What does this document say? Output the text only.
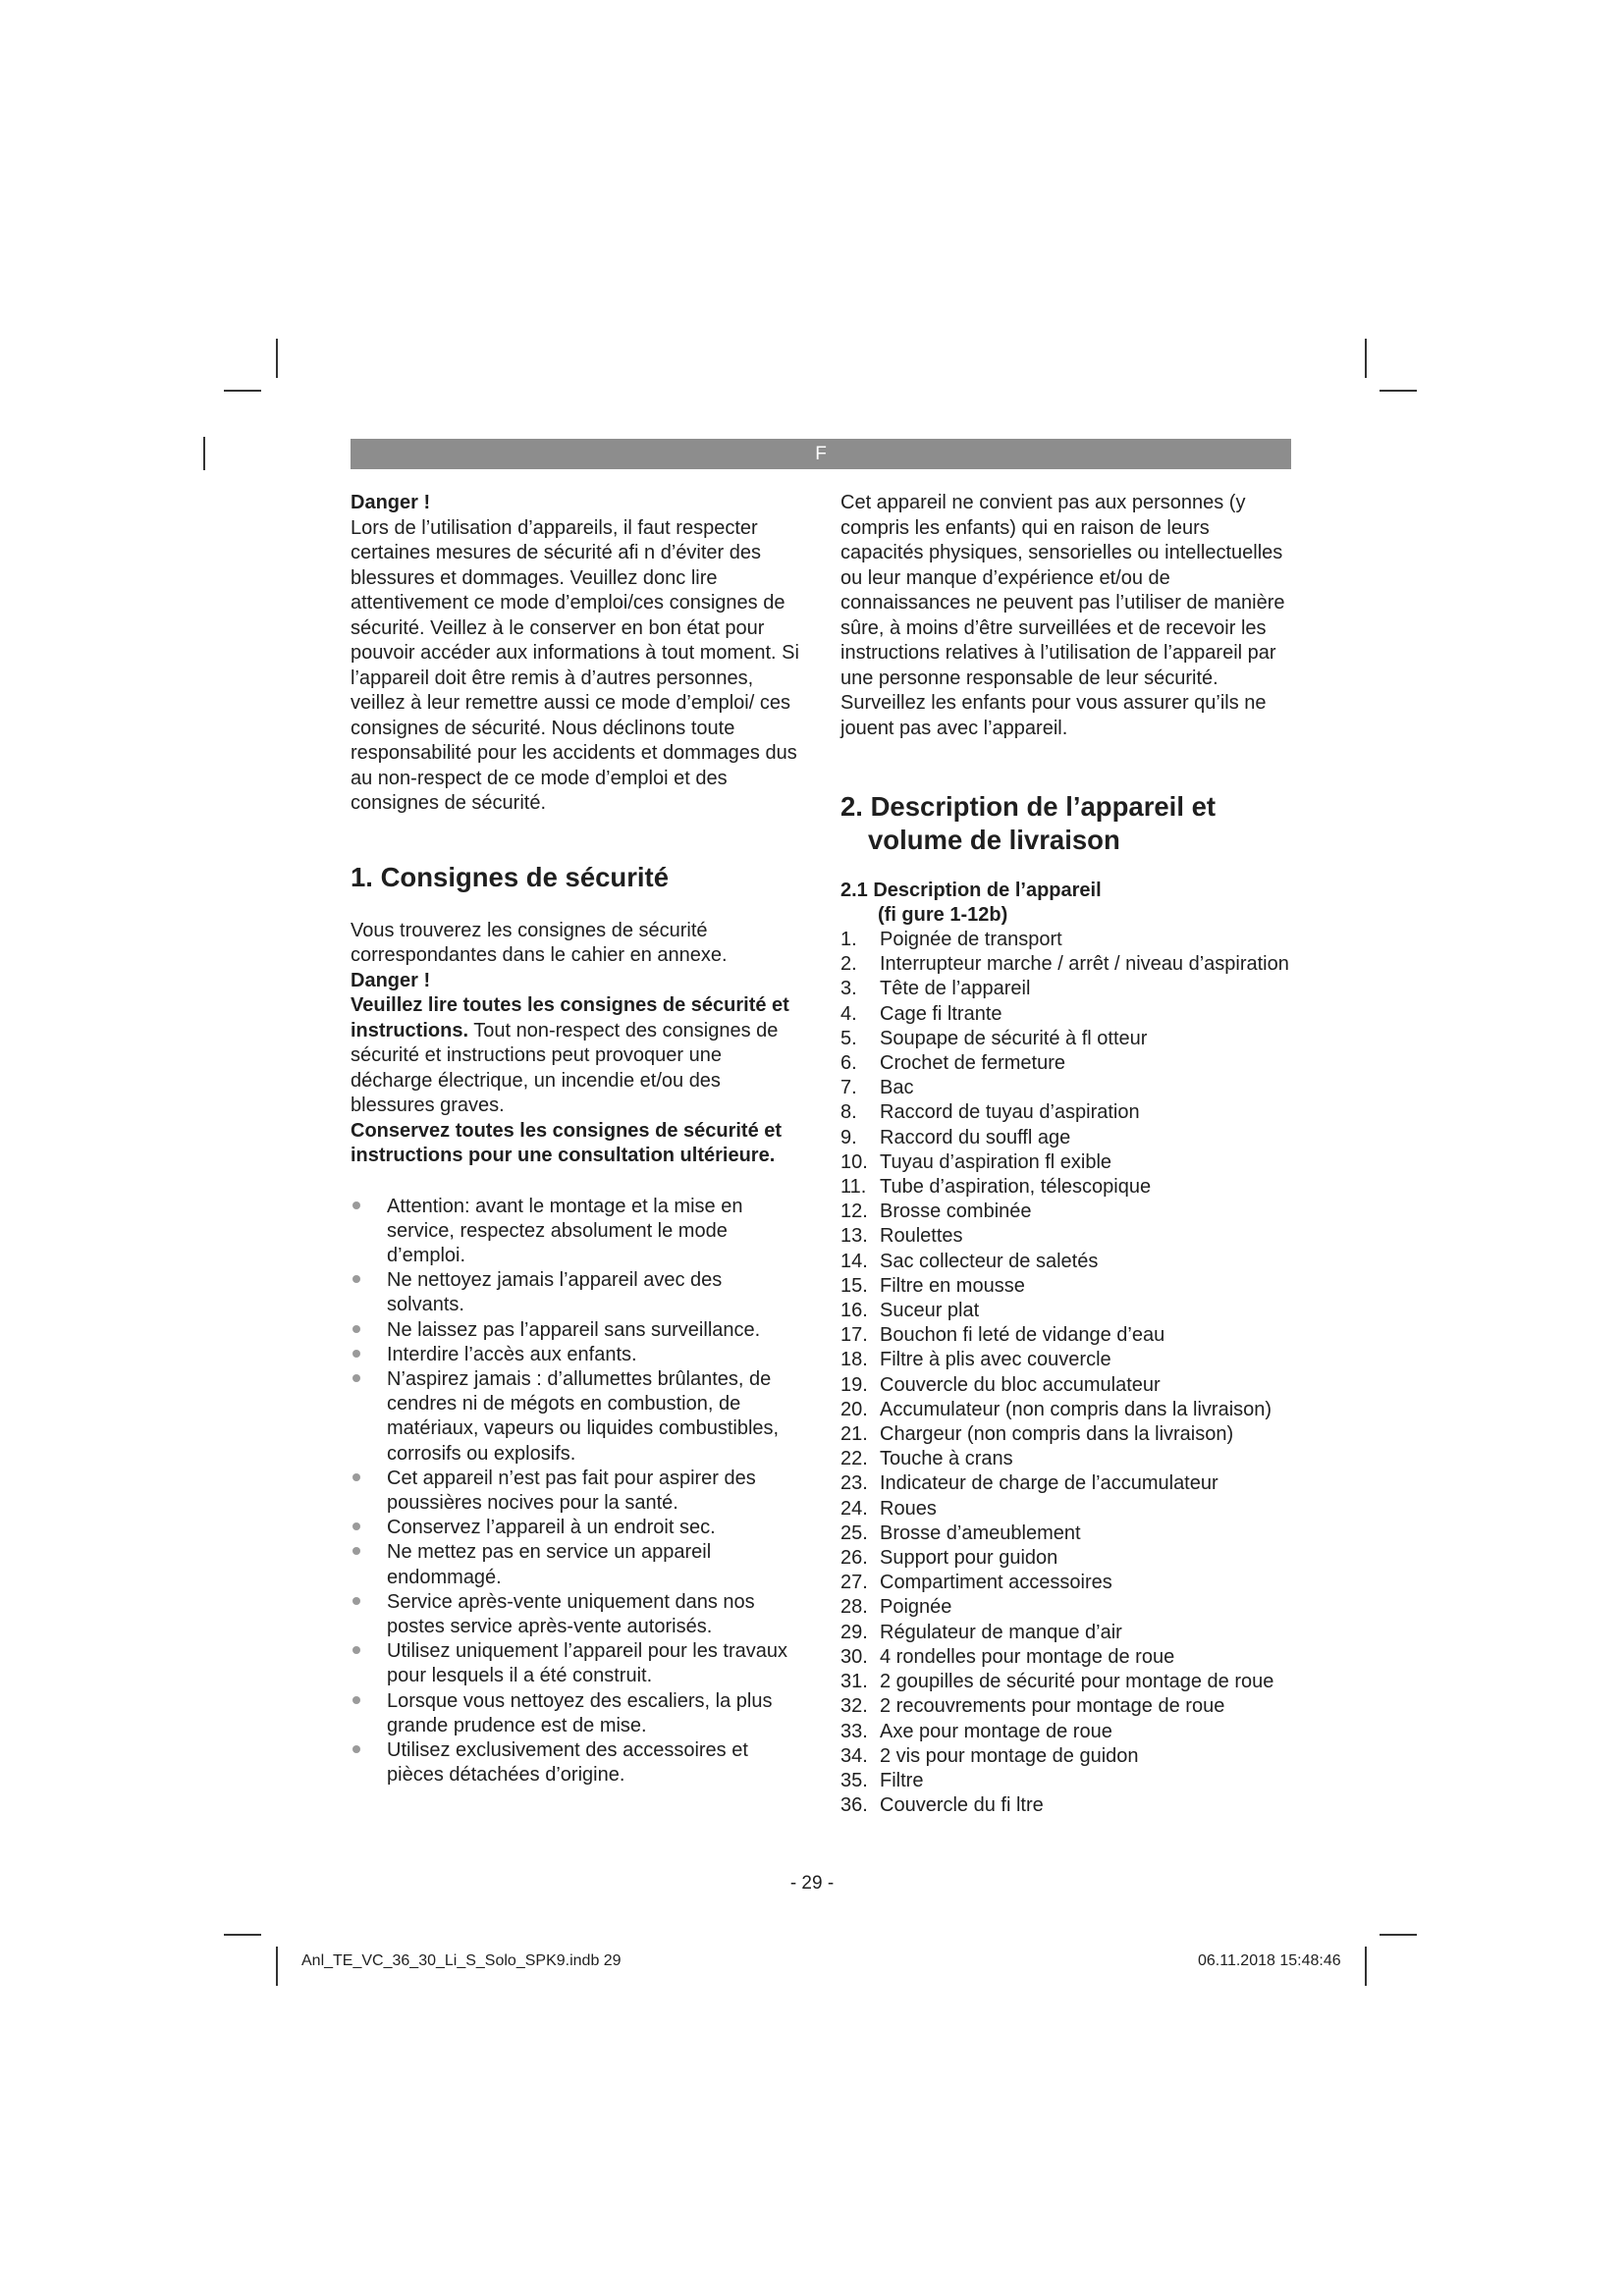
F

Danger !

Lors de l’utilisation d’appareils, il faut respecter certaines mesures de sécurité afi n d’éviter des blessures et dommages. Veuillez donc lire attentivement ce mode d’emploi/ces consignes de sécurité. Veillez à le conserver en bon état pour pouvoir accéder aux informations à tout moment. Si l’appareil doit être remis à d’autres personnes, veillez à leur remettre aussi ce mode d’emploi/ ces consignes de sécurité. Nous déclinons toute responsabilité pour les accidents et dommages dus au non-respect de ce mode d’emploi et des consignes de sécurité.

1. Consignes de sécurité

Vous trouverez les consignes de sécurité correspondantes dans le cahier en annexe.

Danger !

Veuillez lire toutes les consignes de sécurité et instructions. Tout non-respect des consignes de sécurité et instructions peut provoquer une décharge électrique, un incendie et/ou des blessures graves.

Conservez toutes les consignes de sécurité et instructions pour une consultation ultérieure.

Attention: avant le montage et la mise en service, respectez absolument le mode d’emploi.
Ne nettoyez jamais l’appareil avec des solvants.
Ne laissez pas l’appareil sans surveillance.
Interdire l’accès aux enfants.
N’aspirez jamais : d’allumettes brûlantes, de cendres ni de mégots en combustion, de matériaux, vapeurs ou liquides combustibles, corrosifs ou explosifs.
Cet appareil n’est pas fait pour aspirer des poussières nocives pour la santé.
Conservez l’appareil à un endroit sec.
Ne mettez pas en service un appareil endommagé.
Service après-vente uniquement dans nos postes service après-vente autorisés.
Utilisez uniquement l’appareil pour les travaux pour lesquels il a été construit.
Lorsque vous nettoyez des escaliers, la plus grande prudence est de mise.
Utilisez exclusivement des accessoires et pièces détachées d’origine.

Cet appareil ne convient pas aux personnes (y compris les enfants) qui en raison de leurs capacités physiques, sensorielles ou intellectuelles ou leur manque d’expérience et/ou de connaissances ne peuvent pas l’utiliser de manière sûre, à moins d’être surveillées et de recevoir les instructions relatives à l’utilisation de l’appareil par une personne responsable de leur sécurité. Surveillez les enfants pour vous assurer qu’ils ne jouent pas avec l’appareil.

2. Description de l’appareil et
volume de livraison
2.1 Description de l’appareil
(fi gure 1-12b)
1.	Poignée de transport
2.	Interrupteur marche / arrêt / niveau d’aspiration
3.	Tête de l’appareil
4.	Cage fi ltrante
5.	Soupape de sécurité à fl otteur
6.	Crochet de fermeture
7.	Bac
8.	Raccord de tuyau d’aspiration
9.	Raccord du souffl age
10. Tuyau d’aspiration fl exible
11. Tube d’aspiration, télescopique
12. Brosse combinée
13. Roulettes
14. Sac collecteur de saletés
15. Filtre en mousse
16. Suceur plat
17. Bouchon fi leté de vidange d’eau
18. Filtre à plis avec couvercle
19. Couvercle du bloc accumulateur
20. Accumulateur (non compris dans la livraison)
21. Chargeur (non compris dans la livraison)
22. Touche à crans
23. Indicateur de charge de l’accumulateur
24. Roues
25. Brosse d’ameublement
26. Support pour guidon
27. Compartiment accessoires
28. Poignée
29. Régulateur de manque d’air
30. 4 rondelles pour montage de roue
31. 2 goupilles de sécurité pour montage de roue
32. 2 recouvrements pour montage de roue
33. Axe pour montage de roue
34. 2 vis pour montage de guidon
35. Filtre
36. Couvercle du fi ltre
- 29 -
Anl_TE_VC_36_30_Li_S_Solo_SPK9.indb 29	06.11.2018 15:48:46
